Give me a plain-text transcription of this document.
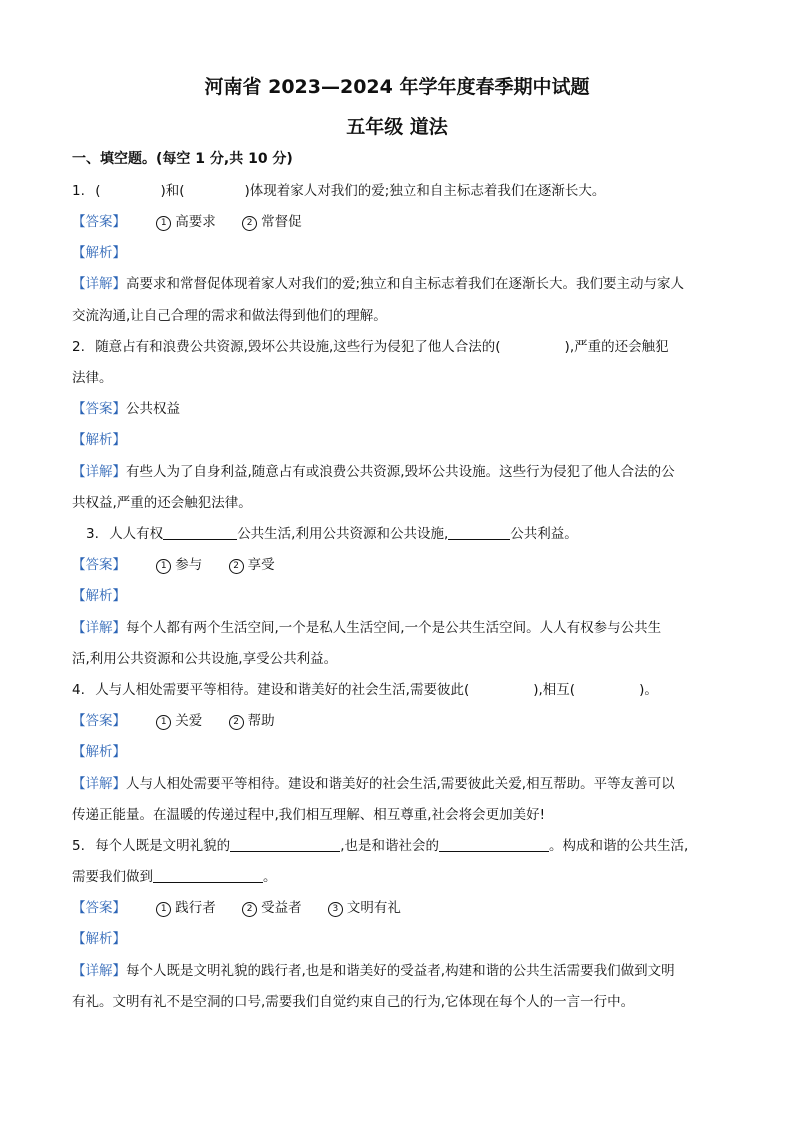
河南省 2023—2024 年学年度春季期中试题
五年级 道法
一、填空题。(每空 1 分,共 10 分)
1. (	)和(	)体现着家人对我们的爱;独立和自主标志着我们在逐渐长大。
【答案】	1 高要求	2 常督促
【解析】
【详解】高要求和常督促体现着家人对我们的爱;独立和自主标志着我们在逐渐长大。我们要主动与家人
交流沟通,让自己合理的需求和做法得到他们的理解。
2. 随意占有和浪费公共资源,毁坏公共设施,这些行为侵犯了他人合法的(	),严重的还会触犯
法律。
【答案】公共权益
【解析】
【详解】有些人为了自身利益,随意占有或浪费公共资源,毁坏公共设施。这些行为侵犯了他人合法的公
共权益,严重的还会触犯法律。
3. 人人有权	公共生活,利用公共资源和公共设施,	公共利益。
【答案】	1 参与	2 享受
【解析】
【详解】每个人都有两个生活空间,一个是私人生活空间,一个是公共生活空间。人人有权参与公共生
活,利用公共资源和公共设施,享受公共利益。
4. 人与人相处需要平等相待。建设和谐美好的社会生活,需要彼此(	),相互(	)。
【答案】	1 关爱	2 帮助
【解析】
【详解】人与人相处需要平等相待。建设和谐美好的社会生活,需要彼此关爱,相互帮助。平等友善可以
传递正能量。在温暖的传递过程中,我们相互理解、相互尊重,社会将会更加美好!
5. 每个人既是文明礼貌的	,也是和谐社会的	。构成和谐的公共生活,
需要我们做到	。
【答案】	1 践行者	2 受益者	3 文明有礼
【解析】
【详解】每个人既是文明礼貌的践行者,也是和谐美好的受益者,构建和谐的公共生活需要我们做到文明
有礼。文明有礼不是空洞的口号,需要我们自觉约束自己的行为,它体现在每个人的一言一行中。
